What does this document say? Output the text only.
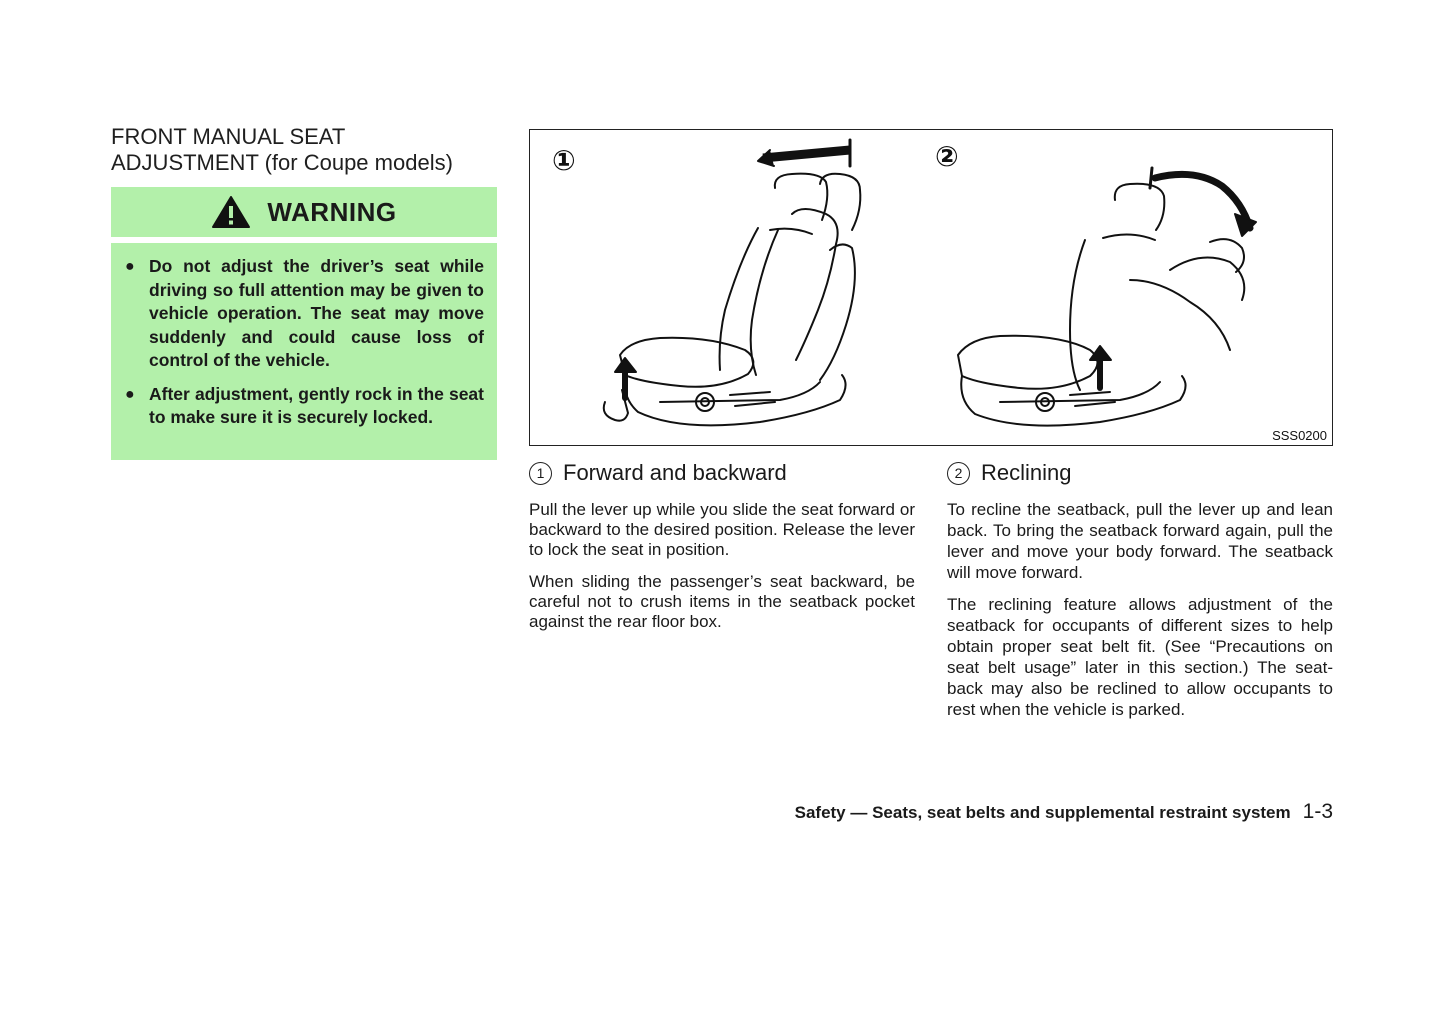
FRONT MANUAL SEAT
ADJUSTMENT (for Coupe models)
WARNING
● Do not adjust the driver’s seat while driving so full attention may be given to vehicle operation. The seat may move suddenly and could cause loss of control of the vehicle.
● After adjustment, gently rock in the seat to make sure it is securely locked.
①	②
SSS0200
1 Forward and backward

Pull the lever up while you slide the seat forward or backward to the desired position. Release the lever to lock the seat in position.

When sliding the passenger’s seat backward, be careful not to crush items in the seatback pocket against the rear floor box.

2 Reclining

To recline the seatback, pull the lever up and lean back. To bring the seatback forward again, pull the lever and move your body forward. The seatback will move forward.

The reclining feature allows adjustment of the seatback for occupants of different sizes to help obtain proper seat belt fit. (See “Precautions on seat belt usage” later in this section.) The seat-back may also be reclined to allow occupants to rest when the vehicle is parked.

Safety — Seats, seat belts and supplemental restraint system 1-3
